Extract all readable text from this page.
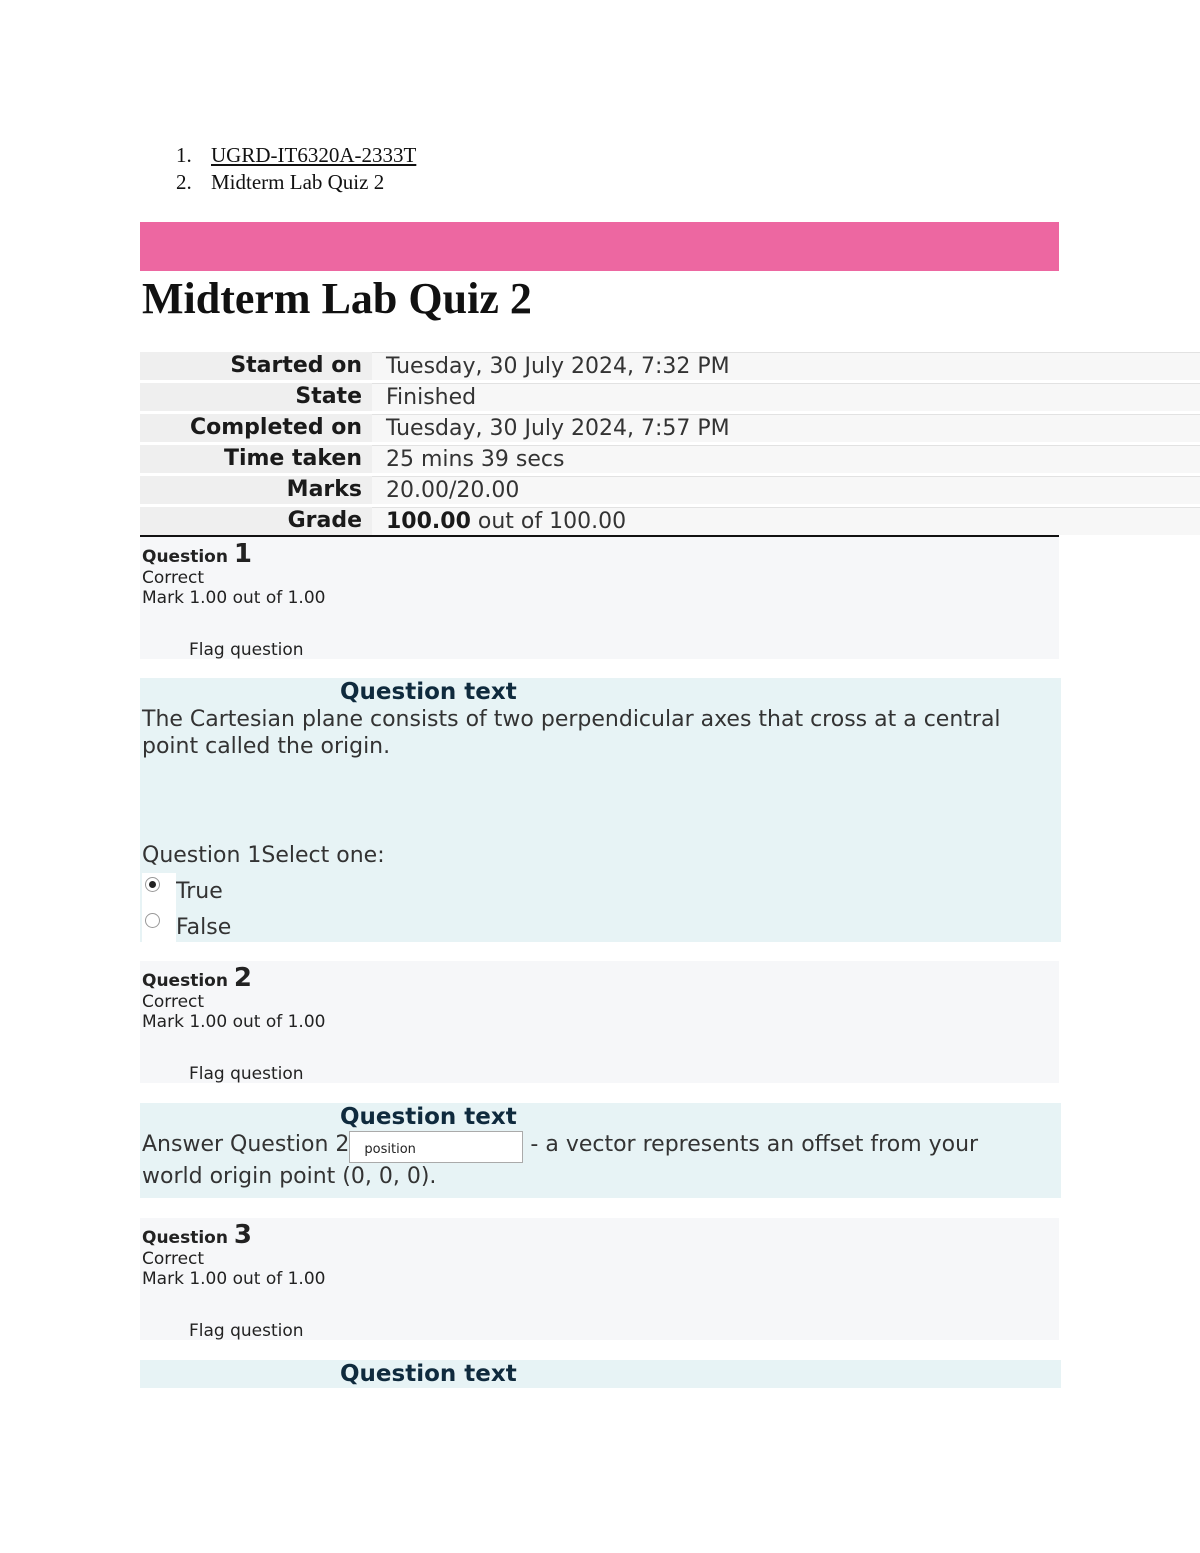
1. UGRD-IT6320A-2333T
2. Midterm Lab Quiz 2
Midterm Lab Quiz 2
Started on	Tuesday, 30 July 2024, 7:32 PM
State	Finished
Completed on	Tuesday, 30 July 2024, 7:57 PM
Time taken	25 mins 39 secs
Marks	20.00/20.00
Grade	100.00 out of 100.00
Question 1
Correct
Mark 1.00 out of 1.00
Flag question
Question text
The Cartesian plane consists of two perpendicular axes that cross at a central point called the origin.
Question 1Select one:
True
False
Question 2
Correct
Mark 1.00 out of 1.00
Flag question
Question text
Answer Question 2 position	- a vector represents an offset from your world origin point (0, 0, 0).
Question 3
Correct
Mark 1.00 out of 1.00
Flag question
Question text
